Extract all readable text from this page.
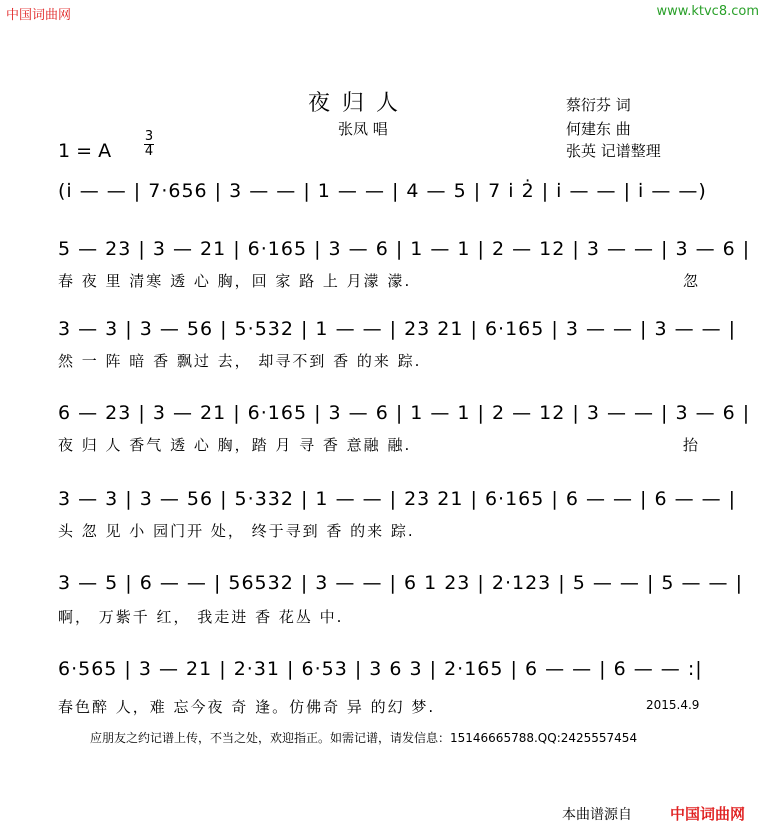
中国词曲网	www.ktvc8.com
夜归人
张凤 唱
蔡衍芬 词
何建东 曲
张英 记谱整理
1 = A
3
4
(i̇ — — | 7·656 | 3 — — | 1 — — | 4 — 5 | 7 i̇ 2̇ | i̇ — — | i̇ — —)
5 — 23 | 3 — 21 | 6·165 | 3 — 6 | 1 — 1 | 2 — 12 | 3 — — | 3 — 6 |
春 夜 里 清寒 透 心 胸，回 家 路 上 月濛 濛.	忽
3 — 3 | 3 — 56 | 5·532 | 1 — — | 23 21 | 6·165 | 3 — — | 3 — — |
然 一 阵 暗 香 飘过 去， 却寻不到 香 的来 踪.
6 — 23 | 3 — 21 | 6·165 | 3 — 6 | 1 — 1 | 2 — 12 | 3 — — | 3 — 6 |
夜 归 人 香气 透 心 胸，踏 月 寻 香 意融 融.	抬
3 — 3 | 3 — 56 | 5·332 | 1 — — | 23 21 | 6·165 | 6 — — | 6 — — |
头 忽 见 小 园门开 处， 终于寻到 香 的来 踪.
3 — 5 | 6 — — | 56532 | 3 — — | 6 1 23 | 2·123 | 5 — — | 5 — — |
啊， 万紫千 红， 我走进 香 花丛 中.
6·565 | 3 — 21 | 2·31 | 6·53 | 3 6 3 | 2·165 | 6 — — | 6 — — :|
春色醉 人，难 忘今夜 奇 逢。仿佛奇 异 的幻 梦.	2015.4.9
应朋友之约记谱上传，不当之处，欢迎指正。如需记谱，请发信息：15146665788.QQ:2425557454
本曲谱源自	中国词曲网
